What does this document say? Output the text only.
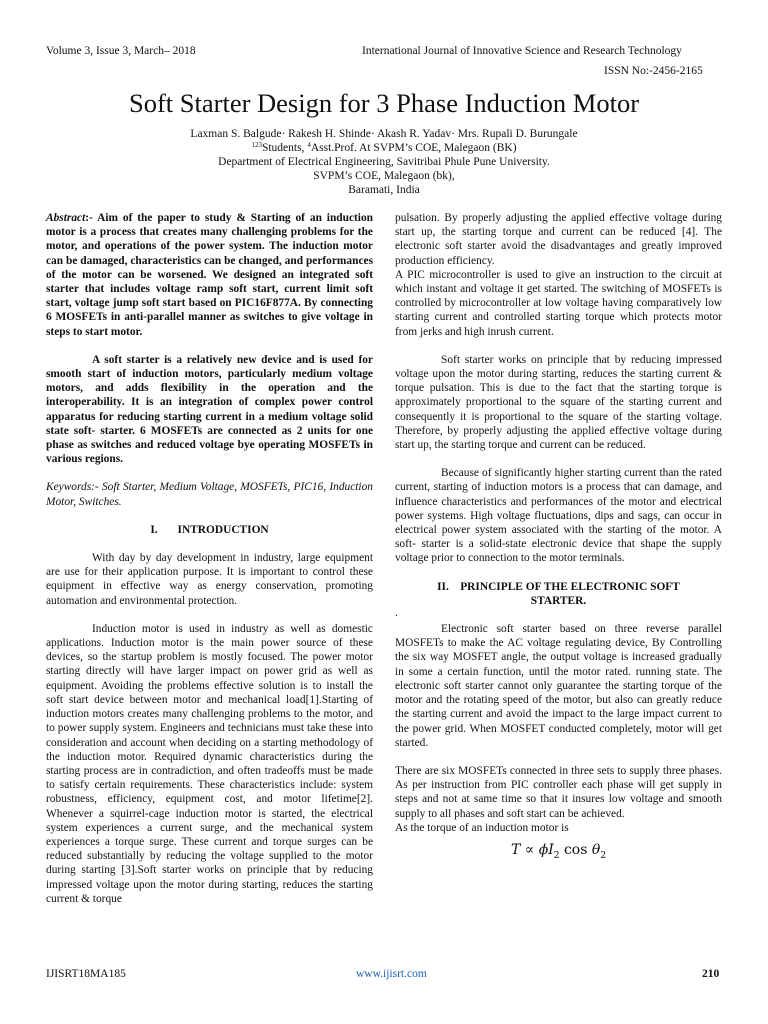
Volume 3, Issue 3, March– 2018	International Journal of Innovative Science and Research Technology
ISSN No:-2456-2165
Soft Starter Design for 3 Phase Induction Motor
Laxman S. Balgude· Rakesh H. Shinde· Akash R. Yadav· Mrs. Rupali D. Burungale
$^{123}$Students, $^4$Asst.Prof. At SVPM’s COE, Malegaon (BK)
Department of Electrical Engineering, Savitribai Phule Pune University.
SVPM’s COE, Malegaon (bk),
Baramati, India

Abstract:- Aim of the paper to study & Starting of an induction motor is a process that creates many challenging problems for the motor, and operations of the power system. The induction motor can be damaged, characteristics can be changed, and performances of the motor can be worsened. We designed an integrated soft starter that includes voltage ramp soft start, current limit soft start, voltage jump soft start based on PIC16F877A. By connecting 6 MOSFETs in anti-parallel manner as switches to give voltage in steps to start motor.

A soft starter is a relatively new device and is used for smooth start of induction motors, particularly medium voltage motors, and adds flexibility in the operation and the interoperability. It is an integration of complex power control apparatus for reducing starting current in a medium voltage solid state soft- starter. 6 MOSFETs are connected as 2 units for one phase as switches and reduced voltage bye operating MOSFETs in various regions.

Keywords:- Soft Starter, Medium Voltage, MOSFETs, PIC16, Induction Motor, Switches.

I.       INTRODUCTION

With day by day development in industry, large equipment are use for their application purpose. It is important to control these equipment in effective way as energy conservation, promoting automation and environmental protection.

Induction motor is used in industry as well as domestic applications. Induction motor is the main power source of these devices, so the startup problem is mostly focused. The power motor starting directly will have larger impact on power grid as well as equipment. Avoiding the problems effective solution is to install the soft start device between motor and mechanical load[1].Starting of induction motors creates many challenging problems to the motor, and to power supply system. Engineers and technicians must take these into consideration and account when deciding on a starting methodology of the induction motor. Required dynamic characteristics during the starting process are in contradiction, and often tradeoffs must be made to satisfy certain requirements. These characteristics include: system robustness, efficiency, equipment cost, and motor lifetime[2]. Whenever a squirrel-cage induction motor is started, the electrical system experiences a current surge, and the mechanical system experiences a torque surge. These current and torque surges can be reduced substantially by reducing the voltage supplied to the motor during starting [3].Soft starter works on principle that by reducing impressed voltage upon the motor during starting, reduces the starting current & torque

pulsation. By properly adjusting the applied effective voltage during start up, the starting torque and current can be reduced [4]. The electronic soft starter avoid the disadvantages and greatly improved production efficiency.

A PIC microcontroller is used to give an instruction to the circuit at which instant and voltage it get started. The switching of MOSFETs is controlled by microcontroller at low voltage having comparatively low starting current and controlled starting torque which protects motor from jerks and high inrush current.

Soft starter works on principle that by reducing impressed voltage upon the motor during starting, reduces the starting current & torque pulsation. This is due to the fact that the starting torque is approximately proportional to the square of the starting current and consequently it is proportional to the square of the starting voltage. Therefore, by properly adjusting the applied effective voltage during start up, the starting torque and current can be reduced.

Because of significantly higher starting current than the rated current, starting of induction motors is a process that can damage, and influence characteristics and performances of the motor and electrical power systems. High voltage fluctuations, dips and sags, can occur in electrical power system associated with the starting of the motor. A soft- starter is a solid-state electronic device that shape the supply voltage prior to connection to the motor terminals.

II.    PRINCIPLE OF THE ELECTRONIC SOFT STARTER.

.

Electronic soft starter based on three reverse parallel MOSFETs to make the AC voltage regulating device, By Controlling the six way MOSFET angle, the output voltage is increased gradually in some a certain function, until the motor rated. running state. The electronic soft starter cannot only guarantee the starting torque of the motor and the rotating speed of the motor, but also can greatly reduce the starting current and avoid the impact to the large impact current to the power grid. When MOSFET conducted completely, motor will get started.

There are six MOSFETs connected in three sets to supply three phases. As per instruction from PIC controller each phase will get supply in steps and not at same time so that it insures low voltage and smooth supply to all phases and soft start can be achieved.

As the torque of an induction motor is

$T \propto \phi I_2$ $\cos \theta_2$
IJISRT18MA185	www.ijisrt.com	210
